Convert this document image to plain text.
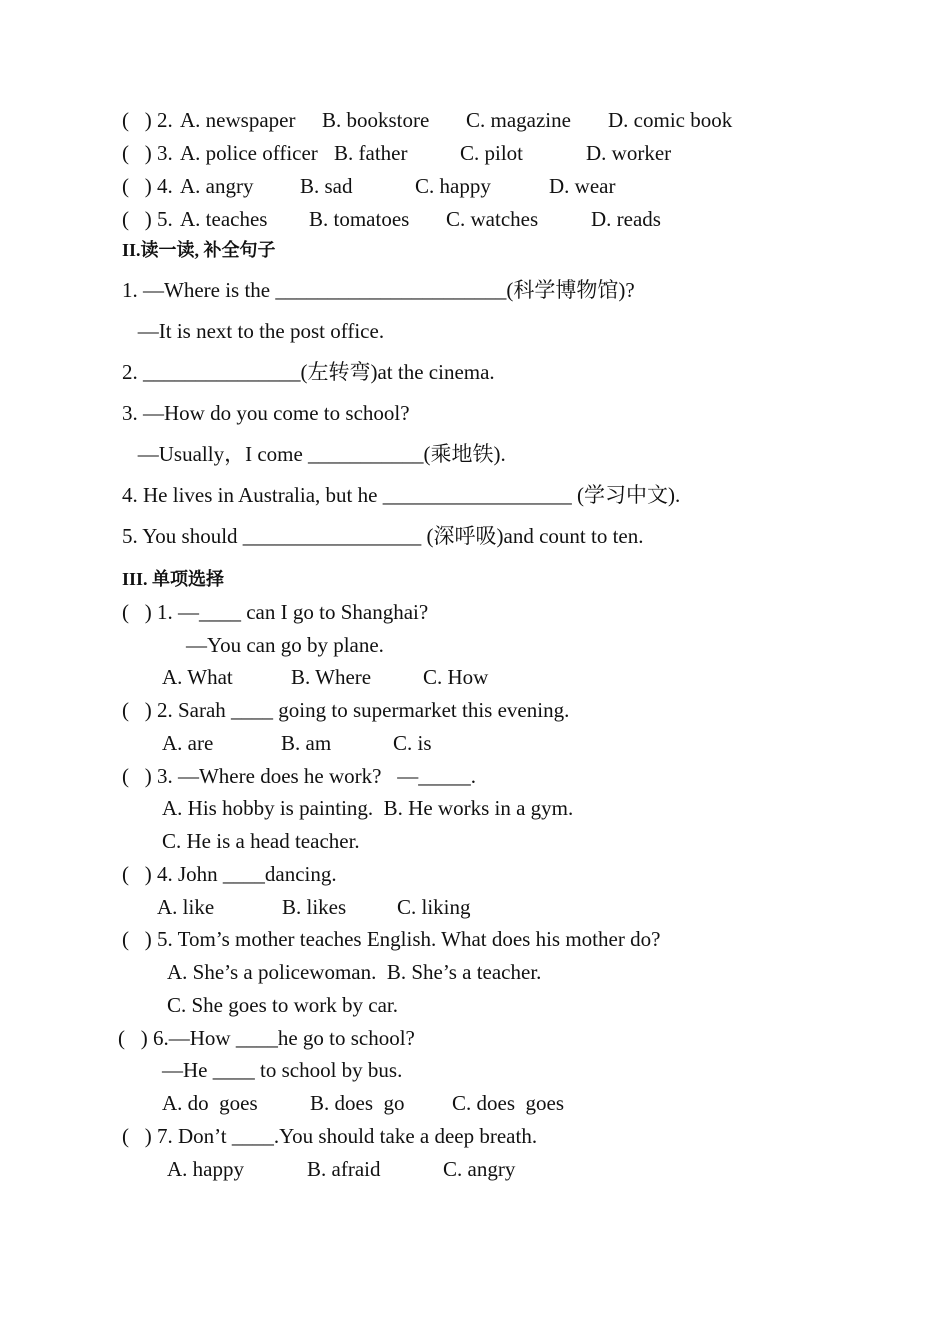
(   ) 2. A. newspaper B. bookstore C. magazine D. comic book
(   ) 3. A. police officer B. father	C. pilot	D. worker
(   ) 4. A. angry B. sad	C. happy	D. wear
(   ) 5. A. teaches B. tomatoes C. watches	D. reads
II.读一读, 补全句子
1. —Where is the ______________________(科学博物馆)?
—It is next to the post office.
2. _______________(左转弯)at the cinema.
3. —How do you come to school?
—Usually，I come ___________(乘地铁).
4. He lives in Australia, but he __________________ (学习中文).
5. You should _________________ (深呼吸)and count to ten.
III. 单项选择
(   ) 1. —____ can I go to Shanghai?
—You can go by plane.
A. What	B. Where C. How
(   ) 2. Sarah ____ going to supermarket this evening.
A. are	B. am	C. is
(   ) 3. —Where does he work?   —_____.
A. His hobby is painting.  B. He works in a gym.
C. He is a head teacher.
(   ) 4. John ____dancing.
A. like	B. likes C. liking
(   ) 5. Tom’s mother teaches English. What does his mother do?
A. She’s a policewoman.  B. She’s a teacher.
C. She goes to work by car.
(   ) 6.—How ____he go to school?
—He ____ to school by bus.
A. do  goes B. does  go C. does  goes
(   ) 7. Don’t ____.You should take a deep breath.
A. happy	B. afraid	C. angry
